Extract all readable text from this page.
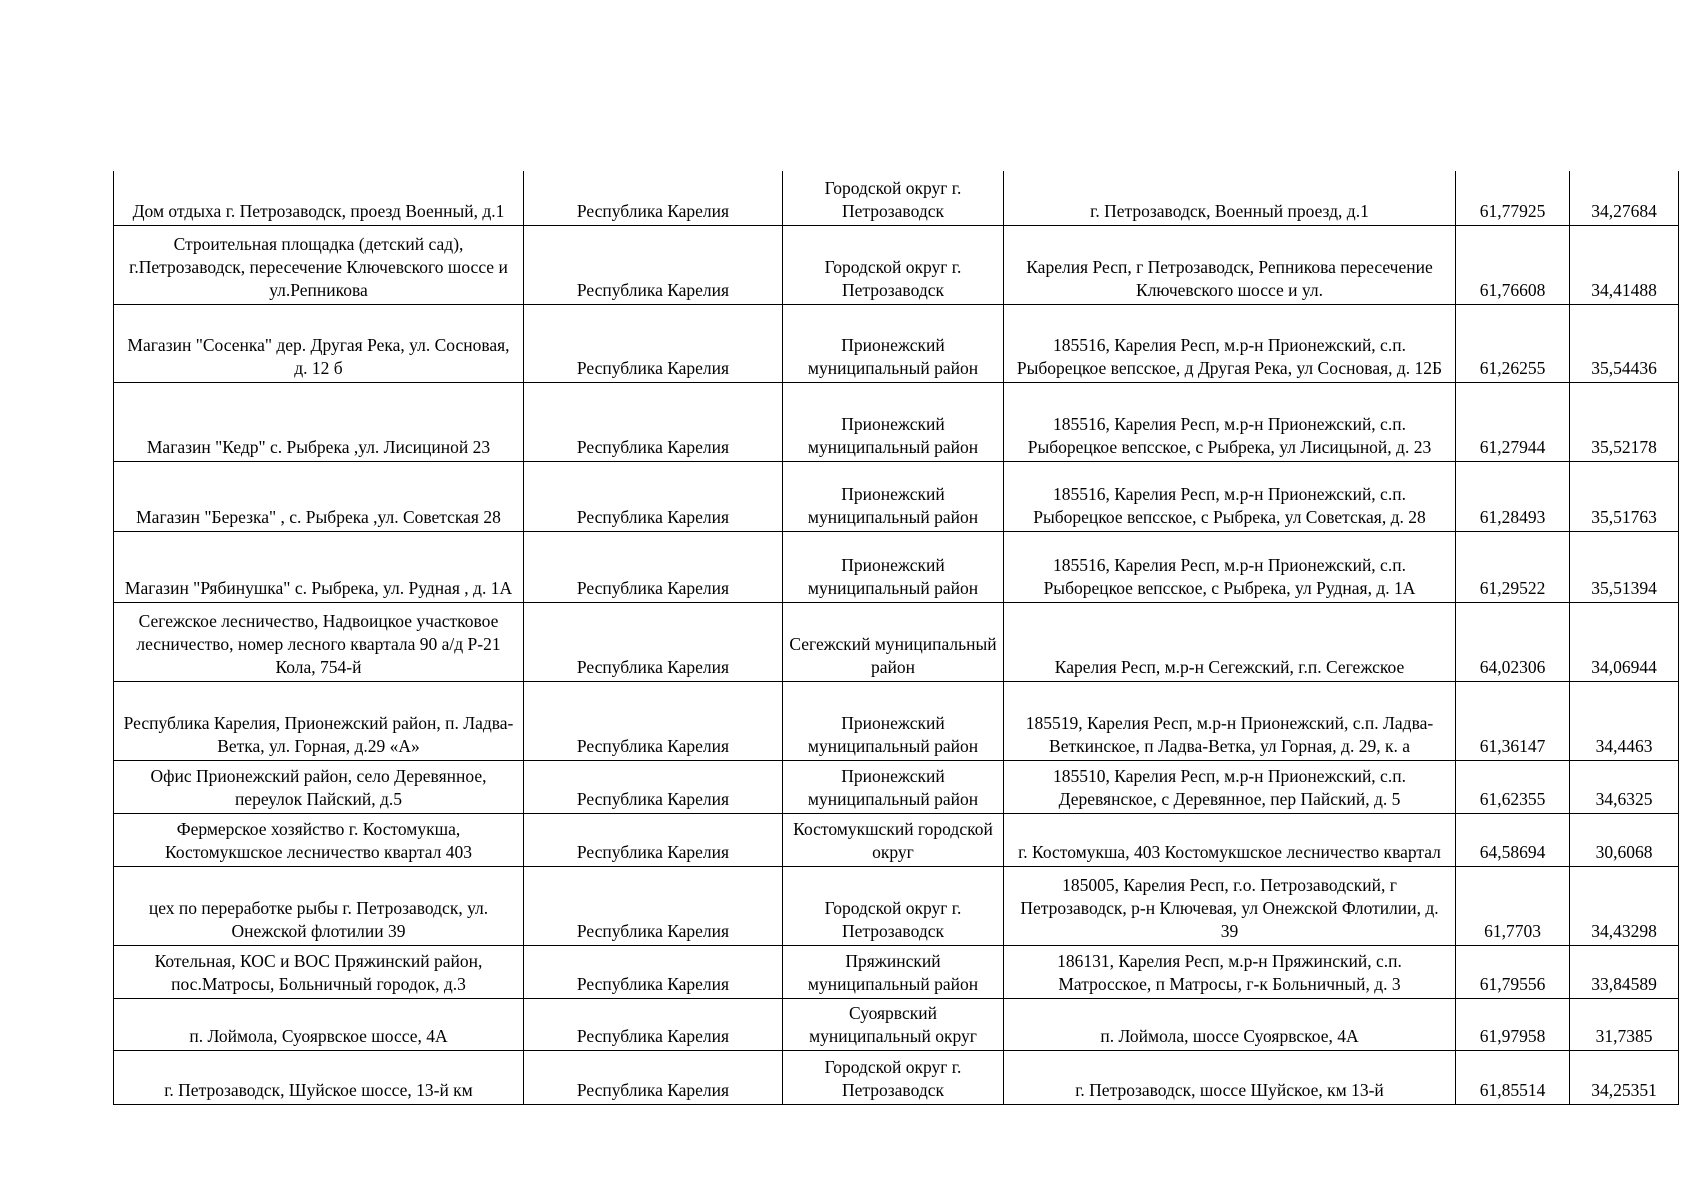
Дом отдыха г. Петрозаводск, проезд Военный, д.1	Республика Карелия	Городской округ г. Петрозаводск	г. Петрозаводск, Военный проезд, д.1	61,77925	34,27684
Строительная площадка (детский сад), г.Петрозаводск, пересечение Ключевского шоссе и ул.Репникова	Республика Карелия	Городской округ г. Петрозаводск	Карелия Респ, г Петрозаводск, Репникова пересечение Ключевского шоссе и ул.	61,76608	34,41488
Магазин "Сосенка" дер. Другая Река, ул. Сосновая, д. 12 б	Республика Карелия	Прионежский муниципальный район	185516, Карелия Респ, м.р-н Прионежский, с.п. Рыборецкое вепсское, д Другая Река, ул Сосновая, д. 12Б	61,26255	35,54436
Магазин "Кедр" с. Рыбрека ,ул. Лисициной 23	Республика Карелия	Прионежский муниципальный район	185516, Карелия Респ, м.р-н Прионежский, с.п. Рыборецкое вепсское, с Рыбрека, ул Лисицыной, д. 23	61,27944	35,52178
Магазин "Березка" , с. Рыбрека ,ул. Советская 28	Республика Карелия	Прионежский муниципальный район	185516, Карелия Респ, м.р-н Прионежский, с.п. Рыборецкое вепсское, с Рыбрека, ул Советская, д. 28	61,28493	35,51763
Магазин "Рябинушка" с. Рыбрека, ул. Рудная , д. 1А	Республика Карелия	Прионежский муниципальный район	185516, Карелия Респ, м.р-н Прионежский, с.п. Рыборецкое вепсское, с Рыбрека, ул Рудная, д. 1А	61,29522	35,51394
Сегежское лесничество, Надвоицкое участковое лесничество, номер лесного квартала 90 а/д Р-21 Кола, 754-й	Республика Карелия	Сегежский муниципальный район	Карелия Респ, м.р-н Сегежский, г.п. Сегежское	64,02306	34,06944
Республика Карелия, Прионежский район, п. Ладва-Ветка, ул. Горная, д.29 «А»	Республика Карелия	Прионежский муниципальный район	185519, Карелия Респ, м.р-н Прионежский, с.п. Ладва-Веткинское, п Ладва-Ветка, ул Горная, д. 29, к. а	61,36147	34,4463
Офис Прионежский район, село Деревянное, переулок Пайский, д.5	Республика Карелия	Прионежский муниципальный район	185510, Карелия Респ, м.р-н Прионежский, с.п. Деревянское, с Деревянное, пер Пайский, д. 5	61,62355	34,6325
Фермерское хозяйство г. Костомукша, Костомукшское лесничество квартал 403	Республика Карелия	Костомукшский городской округ	г. Костомукша, 403 Костомукшское лесничество квартал	64,58694	30,6068
цех по переработке рыбы г. Петрозаводск, ул. Онежской флотилии 39	Республика Карелия	Городской округ г. Петрозаводск	185005, Карелия Респ, г.о. Петрозаводский, г Петрозаводск, р-н Ключевая, ул Онежской Флотилии, д. 39	61,7703	34,43298
Котельная, КОС и ВОС Пряжинский район, пос.Матросы, Больничный городок, д.3	Республика Карелия	Пряжинский муниципальный район	186131, Карелия Респ, м.р-н Пряжинский, с.п. Матросское, п Матросы, г-к Больничный, д. 3	61,79556	33,84589
п. Лоймола, Суоярвское шоссе, 4А	Республика Карелия	Суоярвский муниципальный округ	п. Лоймола, шоссе Суоярвское, 4А	61,97958	31,7385
г. Петрозаводск, Шуйское шоссе, 13-й км	Республика Карелия	Городской округ г. Петрозаводск	г. Петрозаводск, шоссе Шуйское, км 13-й	61,85514	34,25351
